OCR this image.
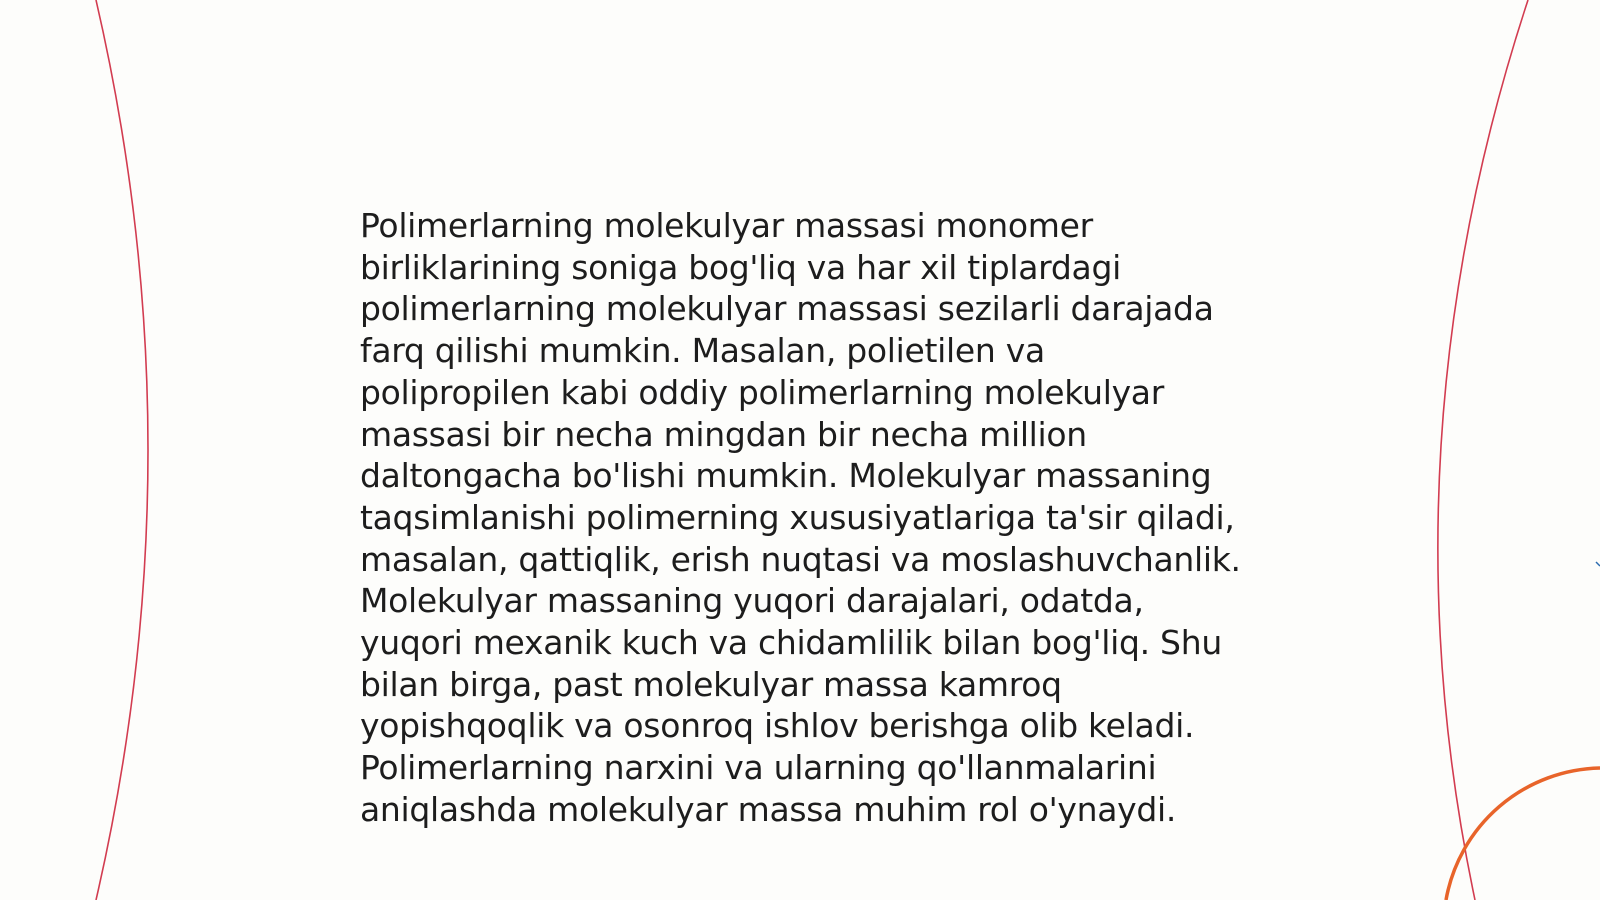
Polimerlarning molekulyar massasi monomer
birliklarining soniga bog'liq va har xil tiplardagi
polimerlarning molekulyar massasi sezilarli darajada
farq qilishi mumkin. Masalan, polietilen va
polipropilen kabi oddiy polimerlarning molekulyar
massasi bir necha mingdan bir necha million
daltongacha bo'lishi mumkin. Molekulyar massaning
taqsimlanishi polimerning xususiyatlariga ta'sir qiladi,
masalan, qattiqlik, erish nuqtasi va moslashuvchanlik.
Molekulyar massaning yuqori darajalari, odatda,
yuqori mexanik kuch va chidamlilik bilan bog'liq. Shu
bilan birga, past molekulyar massa kamroq
yopishqoqlik va osonroq ishlov berishga olib keladi.
Polimerlarning narxini va ularning qo'llanmalarini
aniqlashda molekulyar massa muhim rol o'ynaydi.
